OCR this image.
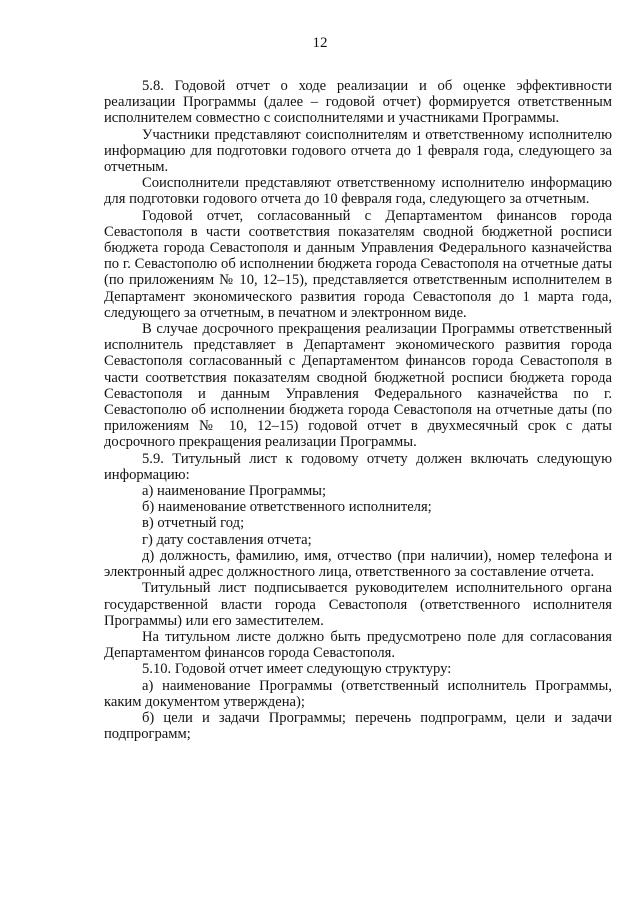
12

5.8. Годовой отчет о ходе реализации и об оценке эффективности реализации Программы (далее – годовой отчет) формируется ответственным исполнителем совместно с соисполнителями и участниками Программы.

Участники представляют соисполнителям и ответственному исполнителю информацию для подготовки годового отчета до 1 февраля года, следующего за отчетным.

Соисполнители представляют ответственному исполнителю информацию для подготовки годового отчета до 10 февраля года, следующего за отчетным.

Годовой отчет, согласованный с Департаментом финансов города Севастополя в части соответствия показателям сводной бюджетной росписи бюджета города Севастополя и данным Управления Федерального казначейства по г. Севастополю об исполнении бюджета города Севастополя на отчетные даты (по приложениям № 10, 12–15), представляется ответственным исполнителем в Департамент экономического развития города Севастополя до 1 марта года, следующего за отчетным, в печатном и электронном виде.

В случае досрочного прекращения реализации Программы ответственный исполнитель представляет в Департамент экономического развития города Севастополя согласованный с Департаментом финансов города Севастополя в части соответствия показателям сводной бюджетной росписи бюджета города Севастополя и данным Управления Федерального казначейства по г. Севастополю об исполнении бюджета города Севастополя на отчетные даты (по приложениям № 10, 12–15) годовой отчет в двухмесячный срок с даты досрочного прекращения реализации Программы.

5.9. Титульный лист к годовому отчету должен включать следующую информацию:

а) наименование Программы;

б) наименование ответственного исполнителя;

в) отчетный год;

г) дату составления отчета;

д) должность, фамилию, имя, отчество (при наличии), номер телефона и электронный адрес должностного лица, ответственного за составление отчета.

Титульный лист подписывается руководителем исполнительного органа государственной власти города Севастополя (ответственного исполнителя Программы) или его заместителем.

На титульном листе должно быть предусмотрено поле для согласования Департаментом финансов города Севастополя.

5.10. Годовой отчет имеет следующую структуру:

а) наименование Программы (ответственный исполнитель Программы, каким документом утверждена);

б) цели и задачи Программы; перечень подпрограмм, цели и задачи подпрограмм;
